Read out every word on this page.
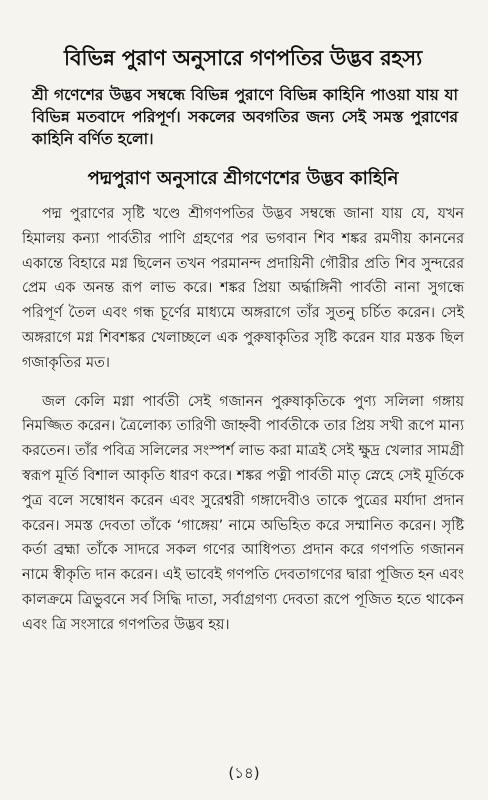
বিভিন্ন পুরাণ অনুসারে গণপতির উদ্ভব রহস্য

শ্রী গণেশের উদ্ভব সম্বন্ধে বিভিন্ন পুরাণে বিভিন্ন কাহিনি পাওয়া যায় যা বিভিন্ন মতবাদে পরিপূর্ণ। সকলের অবগতির জন্য সেই সমস্ত পুরাণের কাহিনি বর্ণিত হলো।

পদ্মপুরাণ অনুসারে শ্রীগণেশের উদ্ভব কাহিনি

পদ্ম পুরাণের সৃষ্টি খণ্ডে শ্রীগণপতির উদ্ভব সম্বন্ধে জানা যায় যে, যখন হিমালয় কন্যা পার্বতীর পাণি গ্রহণের পর ভগবান শিব শঙ্কর রমণীয় কাননের একান্তে বিহারে মগ্ন ছিলেন তখন পরমানন্দ প্রদায়িনী গৌরীর প্রতি শিব সুন্দরের প্রেম এক অনন্ত রূপ লাভ করে। শঙ্কর প্রিয়া অর্দ্ধাঙ্গিনী পার্বতী নানা সুগন্ধে পরিপূর্ণ তৈল এবং গন্ধ চূর্ণের মাধ্যমে অঙ্গরাগে তাঁর সুতনু চর্চিত করেন। সেই অঙ্গরাগে মগ্ন শিবশঙ্কর খেলাচ্ছলে এক পুরুষাকৃতির সৃষ্টি করেন যার মস্তক ছিল গজাকৃতির মত।

জল কেলি মগ্না পার্বতী সেই গজানন পুরুষাকৃতিকে পুণ্য সলিলা গঙ্গায় নিমজ্জিত করেন। ত্রৈলোক্য তারিণী জাহ্নবী পার্বতীকে তার প্রিয় সখী রূপে মান্য করতেন। তাঁর পবিত্র সলিলের সংস্পর্শ লাভ করা মাত্রই সেই ক্ষুদ্র খেলার সামগ্রী স্বরূপ মূর্তি বিশাল আকৃতি ধারণ করে। শঙ্কর পত্নী পার্বতী মাতৃ স্নেহে সেই মূর্তিকে পুত্র বলে সম্বোধন করেন এবং সুরেশ্বরী গঙ্গাদেবীও তাকে পুত্রের মর্যাদা প্রদান করেন। সমস্ত দেবতা তাঁকে ‘গাঙ্গেয়’ নামে অভিহিত করে সম্মানিত করেন। সৃষ্টি কর্তা ব্রহ্মা তাঁকে সাদরে সকল গণের আধিপত্য প্রদান করে গণপতি গজানন নামে স্বীকৃতি দান করেন। এই ভাবেই গণপতি দেবতাগণের দ্বারা পূজিত হন এবং কালক্রমে ত্রিভুবনে সর্ব সিদ্ধি দাতা, সর্বাগ্রগণ্য দেবতা রূপে পূজিত হতে থাকেন এবং ত্রি সংসারে গণপতির উদ্ভব হয়।

(১৪)
